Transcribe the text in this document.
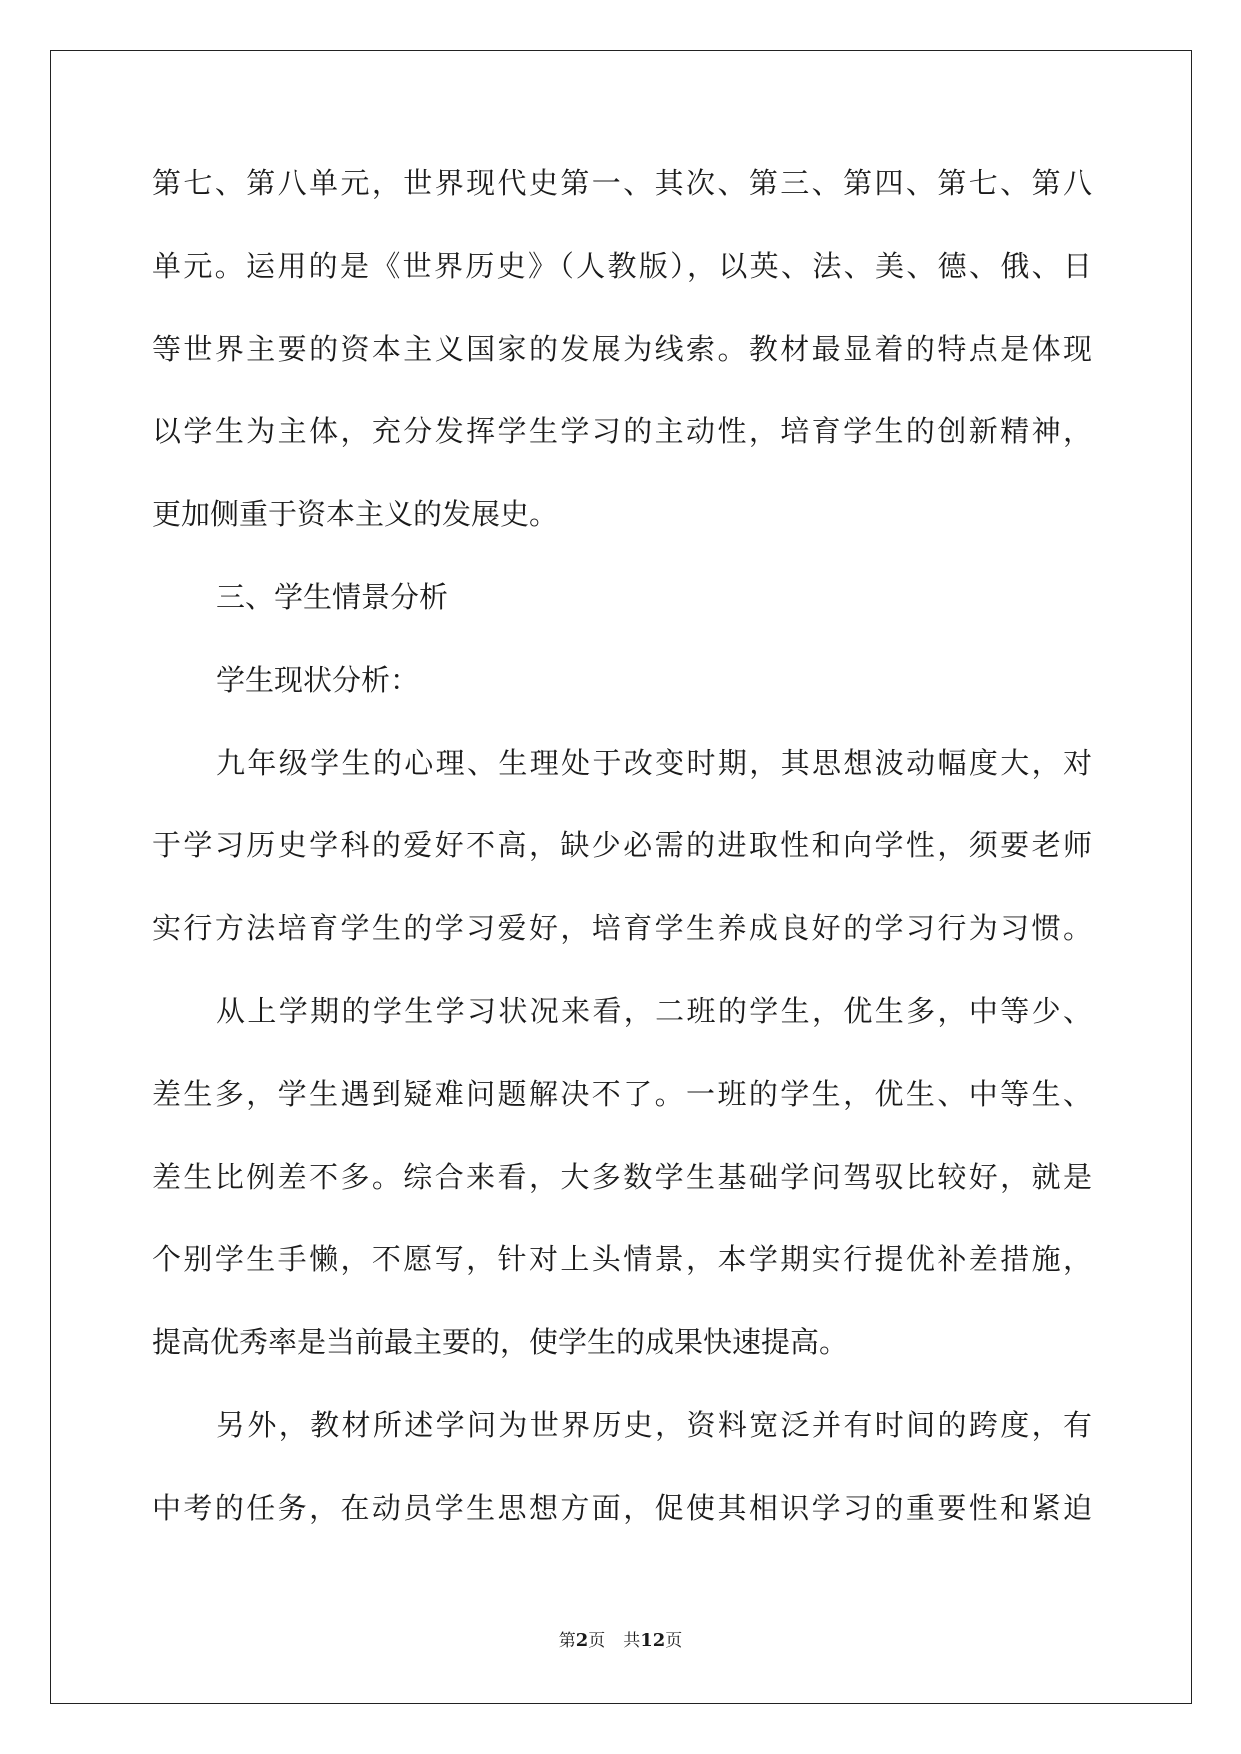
第七、第八单元，世界现代史第一、其次、第三、第四、第七、第八
单元。运用的是《世界历史》（人教版），以英、法、美、德、俄、日
等世界主要的资本主义国家的发展为线索。教材最显着的特点是体现
以学生为主体，充分发挥学生学习的主动性，培育学生的创新精神，
更加侧重于资本主义的发展史。
三、学生情景分析
学生现状分析：
九年级学生的心理、生理处于改变时期，其思想波动幅度大，对
于学习历史学科的爱好不高，缺少必需的进取性和向学性，须要老师
实行方法培育学生的学习爱好，培育学生养成良好的学习行为习惯。
从上学期的学生学习状况来看，二班的学生，优生多，中等少、
差生多，学生遇到疑难问题解决不了。一班的学生，优生、中等生、
差生比例差不多。综合来看，大多数学生基础学问驾驭比较好，就是
个别学生手懒，不愿写，针对上头情景，本学期实行提优补差措施，
提高优秀率是当前最主要的，使学生的成果快速提高。
另外，教材所述学问为世界历史，资料宽泛并有时间的跨度，有
中考的任务，在动员学生思想方面，促使其相识学习的重要性和紧迫
第2页 共12页
